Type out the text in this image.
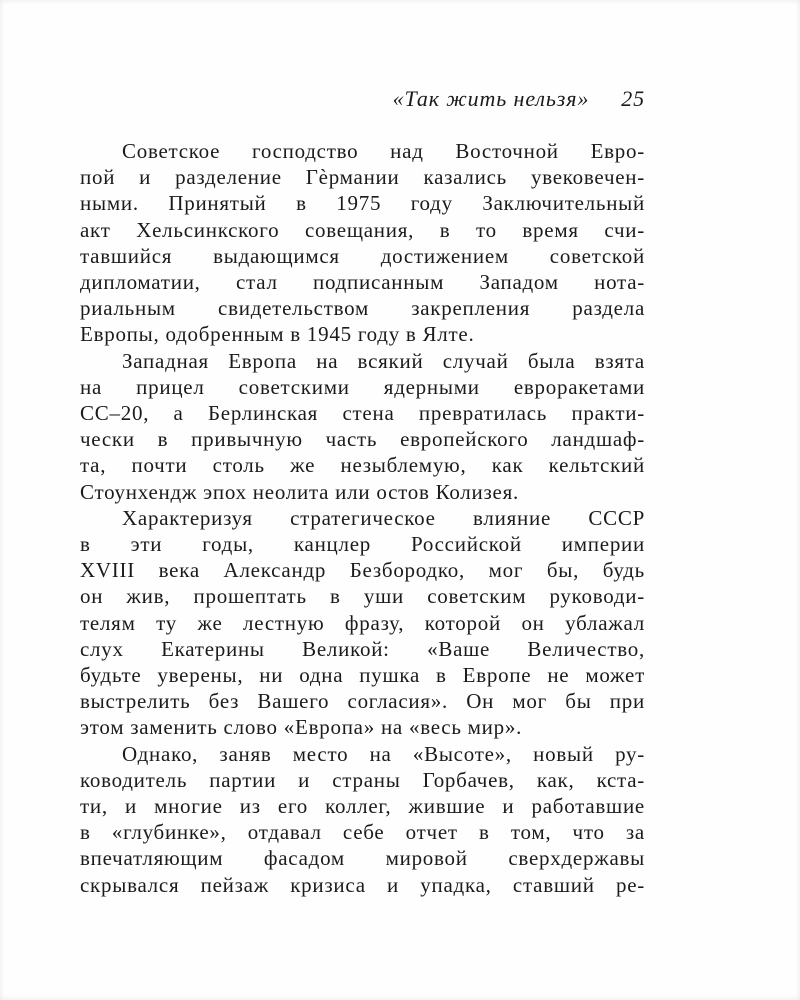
«Так жить нельзя» 25
Советское господство над Восточной Евро-
пой и разделение Гѐрмании казались увековечен-
ными. Принятый в 1975 году Заключительный
акт Хельсинкского совещания, в то время счи-
тавшийся выдающимся достижением советской
дипломатии, стал подписанным Западом нота-
риальным свидетельством закрепления раздела
Европы, одобренным в 1945 году в Ялте.
Западная Европа на всякий случай была взята
на прицел советскими ядерными евроракетами
СС–20, а Берлинская стена превратилась практи-
чески в привычную часть европейского ландшаф-
та, почти столь же незыблемую, как кельтский
Стоунхендж эпох неолита или остов Колизея.
Характеризуя стратегическое влияние СССР
в эти годы, канцлер Российской империи
XVIII века Александр Безбородко, мог бы, будь
он жив, прошептать в уши советским руководи-
телям ту же лестную фразу, которой он ублажал
слух Екатерины Великой: «Ваше Величество,
будьте уверены, ни одна пушка в Европе не может
выстрелить без Вашего согласия». Он мог бы при
этом заменить слово «Европа» на «весь мир».
Однако, заняв место на «Высоте», новый ру-
ководитель партии и страны Горбачев, как, кста-
ти, и многие из его коллег, жившие и работавшие
в «глубинке», отдавал себе отчет в том, что за
впечатляющим фасадом мировой сверхдержавы
скрывался пейзаж кризиса и упадка, ставший ре-
